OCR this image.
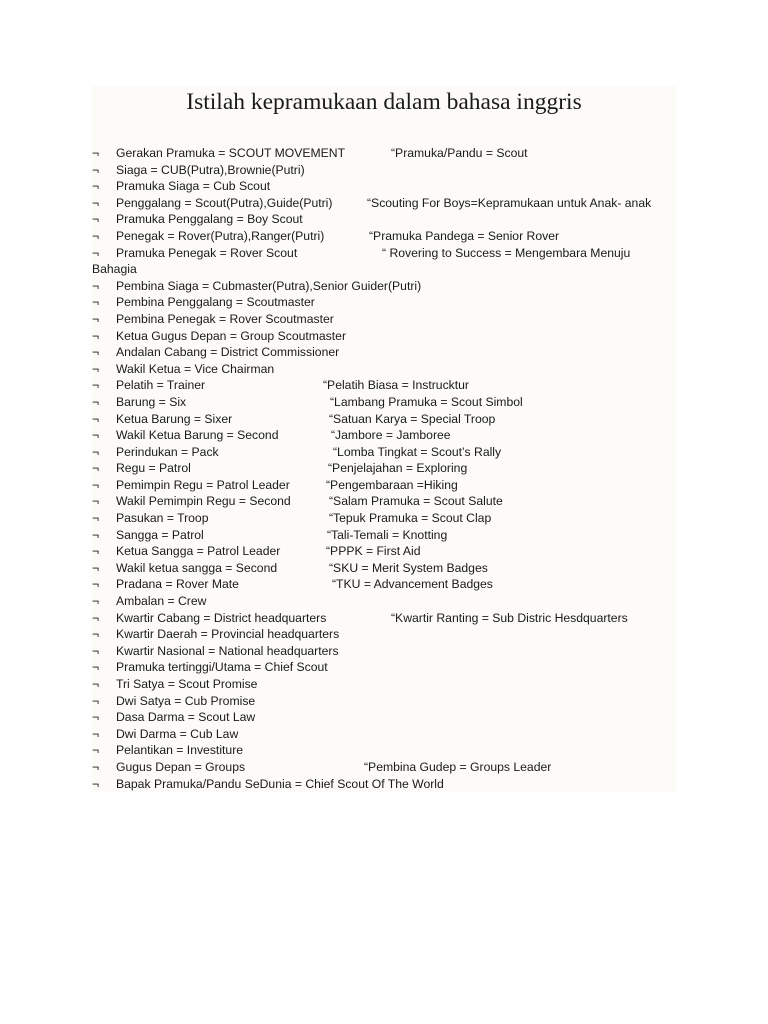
Istilah kepramukaan dalam bahasa inggris
¬	Gerakan Pramuka = SCOUT MOVEMENT	“Pramuka/Pandu = Scout
¬	Siaga = CUB(Putra),Brownie(Putri)
¬	Pramuka Siaga = Cub Scout
¬	Penggalang = Scout(Putra),Guide(Putri)	“Scouting For Boys=Kepramukaan untuk Anak- anak
¬	Pramuka Penggalang = Boy Scout
¬	Penegak = Rover(Putra),Ranger(Putri)	“Pramuka Pandega = Senior Rover
¬	Pramuka Penegak = Rover Scout	“ Rovering to Success = Mengembara Menuju
Bahagia
¬	Pembina Siaga = Cubmaster(Putra),Senior Guider(Putri)
¬	Pembina Penggalang = Scoutmaster
¬	Pembina Penegak = Rover Scoutmaster
¬	Ketua Gugus Depan = Group Scoutmaster
¬	Andalan Cabang = District Commissioner
¬	Wakil Ketua = Vice Chairman
¬	Pelatih = Trainer	“Pelatih Biasa = Instrucktur
¬	Barung = Six	“Lambang Pramuka = Scout Simbol
¬	Ketua Barung = Sixer	“Satuan Karya = Special Troop
¬	Wakil Ketua Barung = Second	“Jambore = Jamboree
¬	Perindukan = Pack	“Lomba Tingkat = Scout’s Rally
¬	Regu = Patrol	“Penjelajahan = Exploring
¬	Pemimpin Regu = Patrol Leader	“Pengembaraan =Hiking
¬	Wakil Pemimpin Regu = Second	“Salam Pramuka = Scout Salute
¬	Pasukan = Troop	“Tepuk Pramuka = Scout Clap
¬	Sangga = Patrol	“Tali-Temali = Knotting
¬	Ketua Sangga = Patrol Leader	“PPPK = First Aid
¬	Wakil ketua sangga = Second	“SKU = Merit System Badges
¬	Pradana = Rover Mate	“TKU = Advancement Badges
¬	Ambalan = Crew
¬	Kwartir Cabang = District headquarters	“Kwartir Ranting = Sub Distric Hesdquarters
¬	Kwartir Daerah = Provincial headquarters
¬	Kwartir Nasional = National headquarters
¬	Pramuka tertinggi/Utama = Chief Scout
¬	Tri Satya = Scout Promise
¬	Dwi Satya = Cub Promise
¬	Dasa Darma = Scout Law
¬	Dwi Darma = Cub Law
¬	Pelantikan = Investiture
¬	Gugus Depan = Groups	“Pembina Gudep = Groups Leader
¬	Bapak Pramuka/Pandu SeDunia = Chief Scout Of The World
